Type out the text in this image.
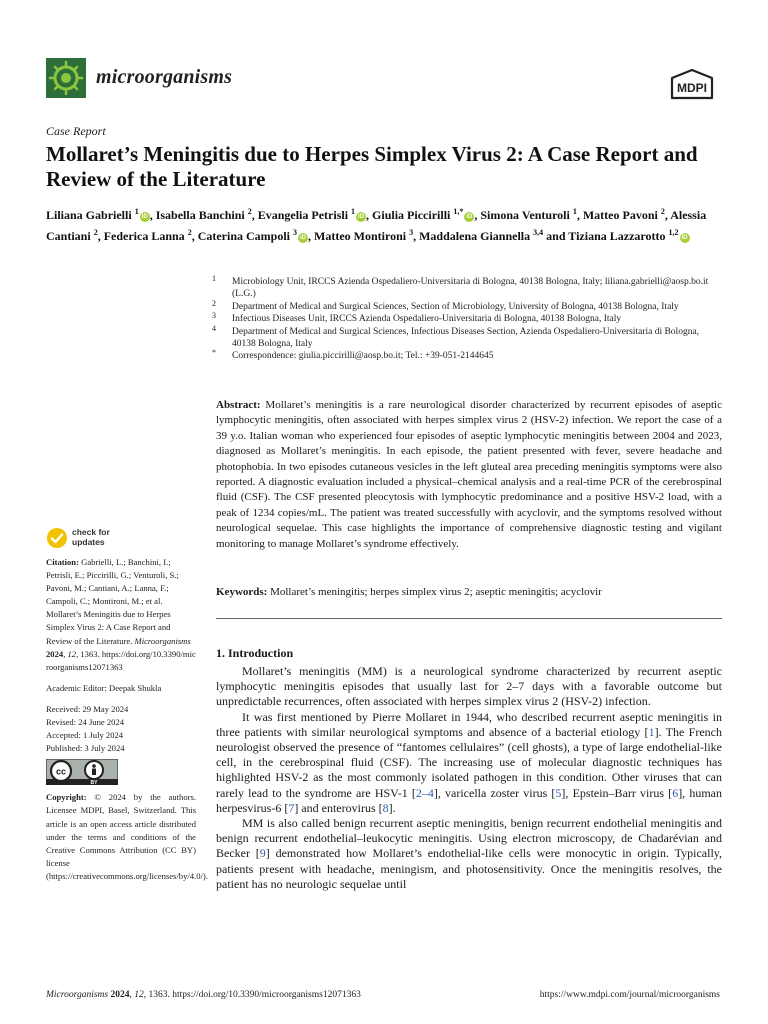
microorganisms	MDPI
Case Report
Mollaret’s Meningitis due to Herpes Simplex Virus 2: A Case Report and Review of the Literature
Liliana Gabrielli $^1$iD , Isabella Banchini $^2$, Evangelia Petrisli $^1$iD , Giulia Piccirilli $^{1,*}$iD , Simona Venturoli $^1$, Matteo Pavoni $^2$, Alessia Cantiani $^2$, Federica Lanna $^2$, Caterina Campoli $^3$iD , Matteo Montironi $^3$, Maddalena Giannella $^{3,4}$ and Tiziana Lazzarotto $^{1,2}$iD
1 Microbiology Unit, IRCCS Azienda Ospedaliero-Universitaria di Bologna, 40138 Bologna, Italy; liliana.gabrielli@aosp.bo.it (L.G.)
2 Department of Medical and Surgical Sciences, Section of Microbiology, University of Bologna, 40138 Bologna, Italy
3 Infectious Diseases Unit, IRCCS Azienda Ospedaliero-Universitaria di Bologna, 40138 Bologna, Italy
4 Department of Medical and Surgical Sciences, Infectious Diseases Section, Azienda Ospedaliero-Universitaria di Bologna, 40138 Bologna, Italy
* Correspondence: giulia.piccirilli@aosp.bo.it; Tel.: +39-051-2144645
Abstract: Mollaret’s meningitis is a rare neurological disorder characterized by recurrent episodes of aseptic lymphocytic meningitis, often associated with herpes simplex virus 2 (HSV-2) infection. We report the case of a 39 y.o. Italian woman who experienced four episodes of aseptic lymphocytic meningitis between 2004 and 2023, diagnosed as Mollaret’s meningitis. In each episode, the patient presented with fever, severe headache and photophobia. In two episodes cutaneous vesicles in the left gluteal area preceding meningitis symptoms were also reported. A diagnostic evaluation included a physical–chemical analysis and a real-time PCR of the cerebrospinal fluid (CSF). The CSF presented pleocytosis with lymphocytic predominance and a positive HSV-2 load, with a peak of 1234 copies/mL. The patient was treated successfully with acyclovir, and the symptoms resolved without neurological sequelae. This case highlights the importance of comprehensive diagnostic testing and vigilant monitoring to manage Mollaret’s syndrome effectively.
Keywords: Mollaret’s meningitis; herpes simplex virus 2; aseptic meningitis; acyclovir
1. Introduction

Mollaret’s meningitis (MM) is a neurological syndrome characterized by recurrent aseptic lymphocytic meningitis episodes that usually last for 2–7 days with a favorable outcome but unpredictable recurrences, often associated with herpes simplex virus 2 (HSV-2) infection.

It was first mentioned by Pierre Mollaret in 1944, who described recurrent aseptic meningitis in three patients with similar neurological symptoms and absence of a bacterial etiology [1]. The French neurologist observed the presence of “fantomes cellulaires” (cell ghosts), a type of large endothelial-like cell, in the cerebrospinal fluid (CSF). The increasing use of molecular diagnostic techniques has highlighted HSV-2 as the most commonly isolated pathogen in this condition. Other viruses that can rarely lead to the syndrome are HSV-1 [2–4], varicella zoster virus [5], Epstein–Barr virus [6], human herpesvirus-6 [7] and enterovirus [8].

MM is also called benign recurrent aseptic meningitis, benign recurrent endothelial meningitis and benign recurrent endothelial–leukocytic meningitis. Using electron microscopy, de Chadarévian and Becker [9] demonstrated how Mollaret’s endothelial-like cells were monocytic in origin. Typically, patients present with headache, meningism, and photosensitivity. Once the meningitis resolves, the patient has no neurologic sequelae until

check for
updates

Citation: Gabrielli, L.; Banchini, I.; Petrisli, E.; Piccirilli, G.; Venturoli, S.; Pavoni, M.; Cantiani, A.; Lanna, F.; Campoli, C.; Montironi, M.; et al. Mollaret’s Meningitis due to Herpes Simplex Virus 2: A Case Report and Review of the Literature. Microorganisms 2024, 12, 1363. https://doi.org/10.3390/microorganisms12071363

Academic Editor: Deepak Shukla

Received: 29 May 2024

Revised: 24 June 2024

Accepted: 1 July 2024

Published: 3 July 2024

cc
BY

Copyright: © 2024 by the authors. Licensee MDPI, Basel, Switzerland. This article is an open access article distributed under the terms and conditions of the Creative Commons Attribution (CC BY) license (https://creativecommons.org/licenses/by/4.0/).

Microorganisms 2024, 12, 1363. https://doi.org/10.3390/microorganisms12071363	https://www.mdpi.com/journal/microorganisms
